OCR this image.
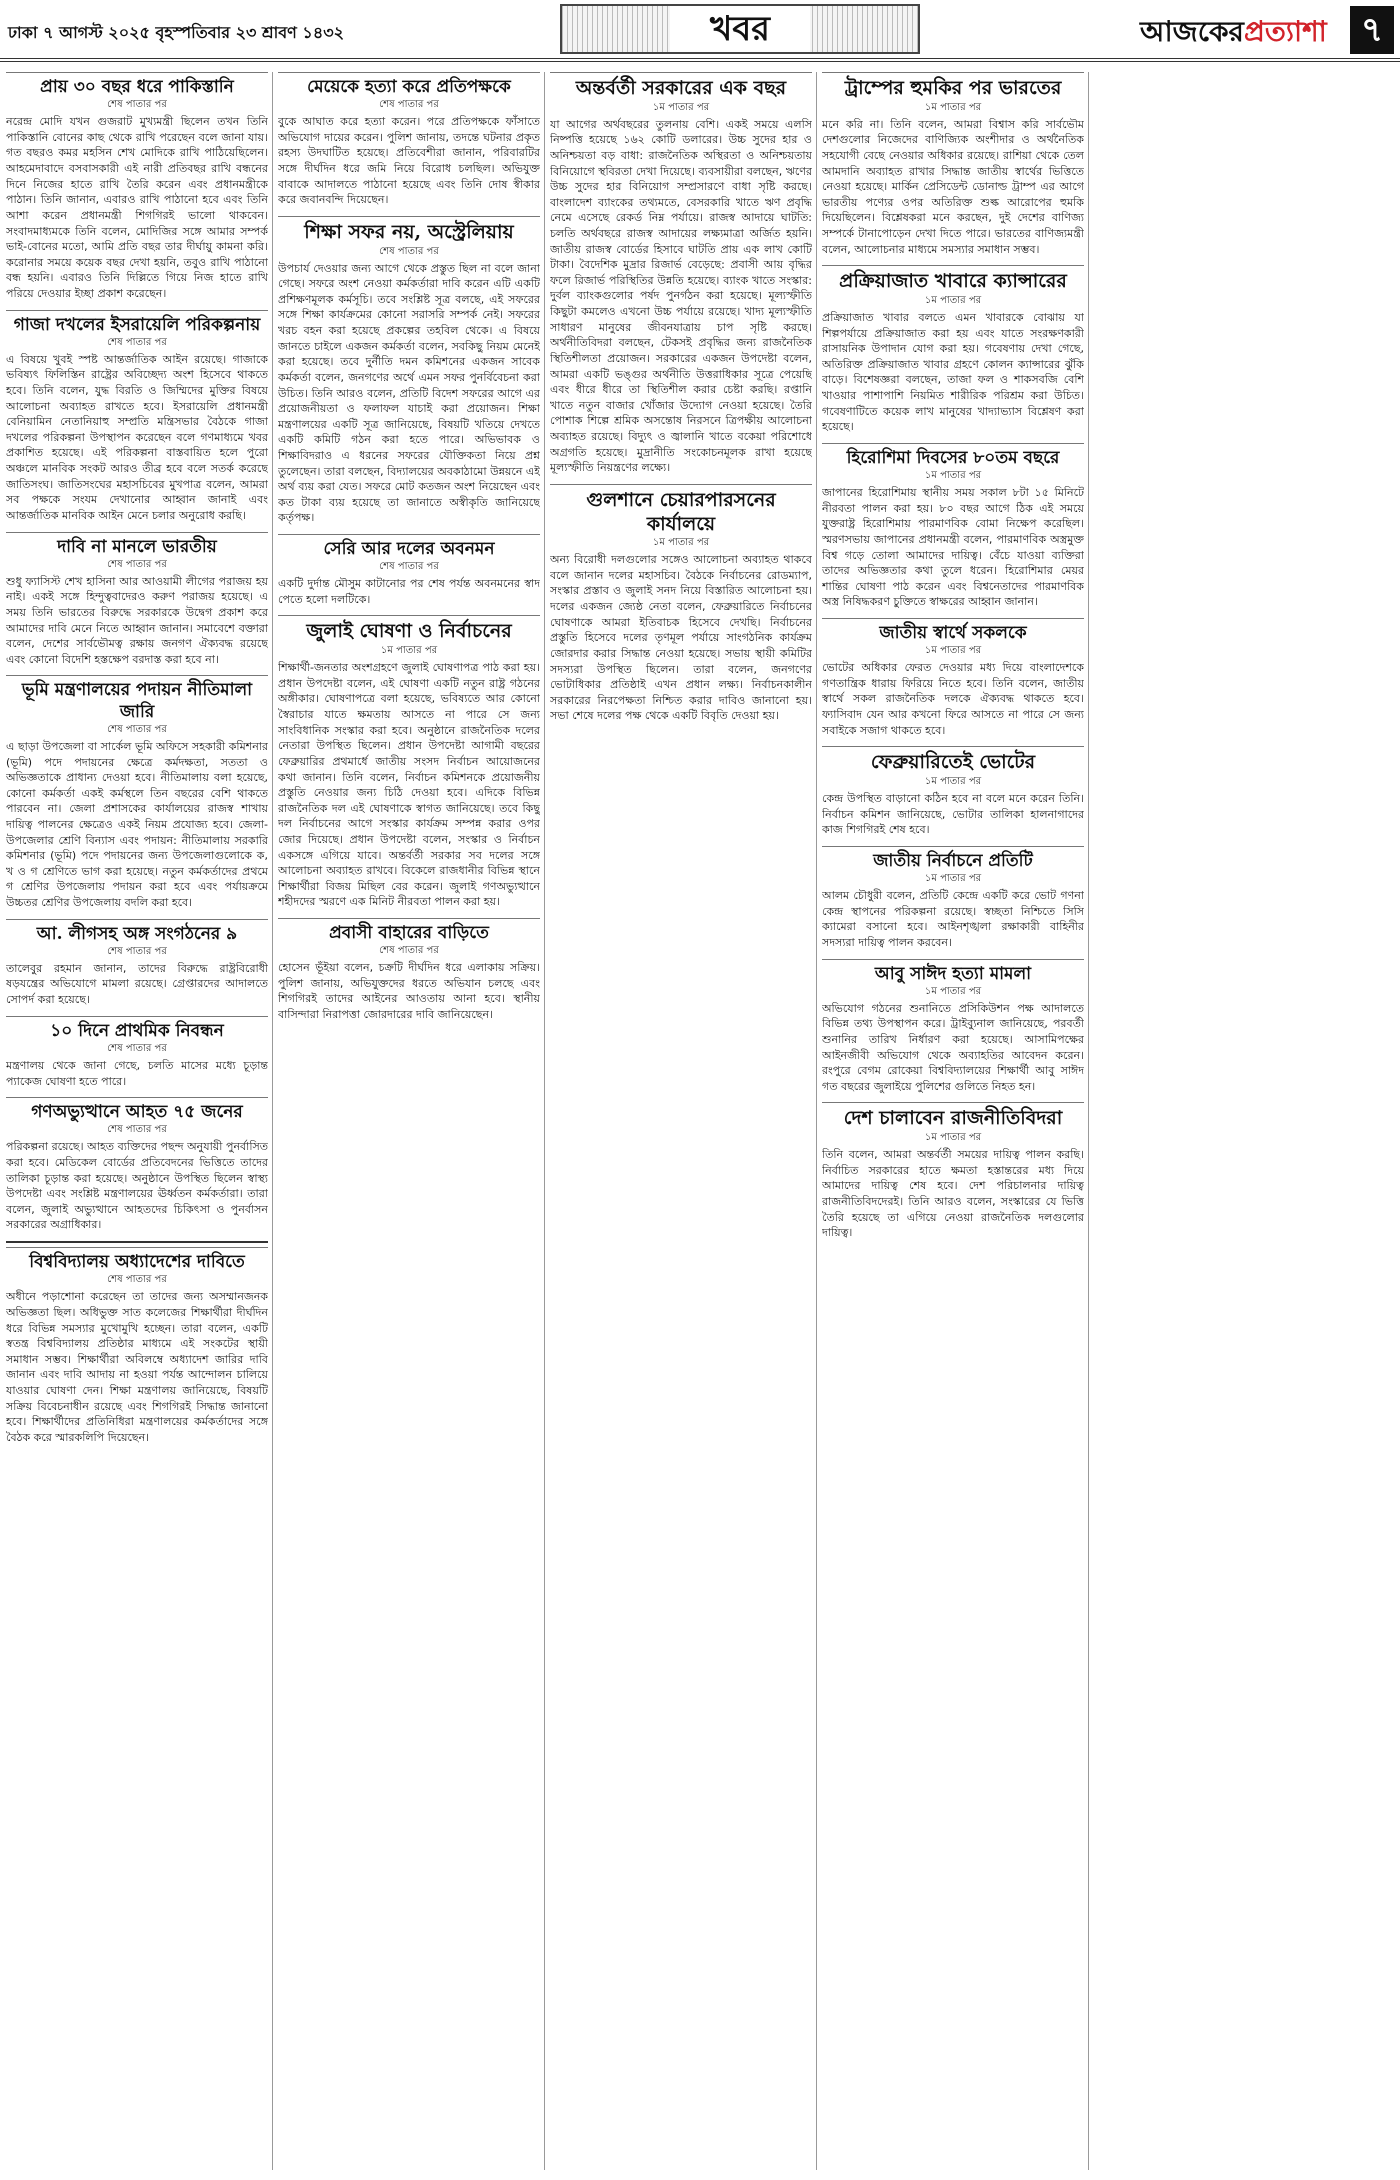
ঢাকা ৭ আগস্ট ২০২৫ বৃহস্পতিবার ২৩ শ্রাবণ ১৪৩২	খবর	আজকেরপ্রত্যাশা	৭
প্রায় ৩০ বছর ধরে পাকিস্তানি
শেষ পাতার পর

নরেন্দ্র মোদি যখন গুজরাট মুখ্যমন্ত্রী ছিলেন তখন তিনি পাকিস্তানি বোনের কাছ থেকে রাখি পরেছেন বলে জানা যায়। গত বছরও কমর মহসিন শেখ মোদিকে রাখি পাঠিয়েছিলেন। আহমেদাবাদে বসবাসকারী এই নারী প্রতিবছর রাখি বন্ধনের দিনে নিজের হাতে রাখি তৈরি করেন এবং প্রধানমন্ত্রীকে পাঠান। তিনি জানান, এবারও রাখি পাঠানো হবে এবং তিনি আশা করেন প্রধানমন্ত্রী শিগগিরই ভালো থাকবেন। সংবাদমাধ্যমকে তিনি বলেন, মোদিজির সঙ্গে আমার সম্পর্ক ভাই-বোনের মতো, আমি প্রতি বছর তার দীর্ঘায়ু কামনা করি। করোনার সময়ে কয়েক বছর দেখা হয়নি, তবুও রাখি পাঠানো বন্ধ হয়নি। এবারও তিনি দিল্লিতে গিয়ে নিজ হাতে রাখি পরিয়ে দেওয়ার ইচ্ছা প্রকাশ করেছেন।

গাজা দখলের ইসরায়েলি পরিকল্পনায়
শেষ পাতার পর

এ বিষয়ে খুবই স্পষ্ট আন্তর্জাতিক আইন রয়েছে। গাজাকে ভবিষ্যৎ ফিলিস্তিন রাষ্ট্রের অবিচ্ছেদ্য অংশ হিসেবে থাকতে হবে। তিনি বলেন, যুদ্ধ বিরতি ও জিম্মিদের মুক্তির বিষয়ে আলোচনা অব্যাহত রাখতে হবে। ইসরায়েলি প্রধানমন্ত্রী বেনিয়ামিন নেতানিয়াহু সম্প্রতি মন্ত্রিসভার বৈঠকে গাজা দখলের পরিকল্পনা উপস্থাপন করেছেন বলে গণমাধ্যমে খবর প্রকাশিত হয়েছে। এই পরিকল্পনা বাস্তবায়িত হলে পুরো অঞ্চলে মানবিক সংকট আরও তীব্র হবে বলে সতর্ক করেছে জাতিসংঘ। জাতিসংঘের মহাসচিবের মুখপাত্র বলেন, আমরা সব পক্ষকে সংযম দেখানোর আহ্বান জানাই এবং আন্তর্জাতিক মানবিক আইন মেনে চলার অনুরোধ করছি।

দাবি না মানলে ভারতীয়
শেষ পাতার পর

শুধু ফ্যাসিস্ট শেখ হাসিনা আর আওয়ামী লীগের পরাজয় হয় নাই। একই সঙ্গে হিন্দুত্ববাদেরও করুণ পরাজয় হয়েছে। এ সময় তিনি ভারতের বিরুদ্ধে সরকারকে উদ্বেগ প্রকাশ করে আমাদের দাবি মেনে নিতে আহ্বান জানান। সমাবেশে বক্তারা বলেন, দেশের সার্বভৌমত্ব রক্ষায় জনগণ ঐক্যবদ্ধ রয়েছে এবং কোনো বিদেশি হস্তক্ষেপ বরদাস্ত করা হবে না।

ভূমি মন্ত্রণালয়ের পদায়ন নীতিমালা জারি
শেষ পাতার পর

এ ছাড়া উপজেলা বা সার্কেল ভূমি অফিসে সহকারী কমিশনার (ভূমি) পদে পদায়নের ক্ষেত্রে কর্মদক্ষতা, সততা ও অভিজ্ঞতাকে প্রাধান্য দেওয়া হবে। নীতিমালায় বলা হয়েছে, কোনো কর্মকর্তা একই কর্মস্থলে তিন বছরের বেশি থাকতে পারবেন না। জেলা প্রশাসকের কার্যালয়ের রাজস্ব শাখায় দায়িত্ব পালনের ক্ষেত্রেও একই নিয়ম প্রযোজ্য হবে। জেলা-উপজেলার শ্রেণি বিন্যাস এবং পদায়ন: নীতিমালায় সরকারি কমিশনার (ভূমি) পদে পদায়নের জন্য উপজেলাগুলোকে ক, খ ও গ শ্রেণিতে ভাগ করা হয়েছে। নতুন কর্মকর্তাদের প্রথমে গ শ্রেণির উপজেলায় পদায়ন করা হবে এবং পর্যায়ক্রমে উচ্চতর শ্রেণির উপজেলায় বদলি করা হবে।

আ. লীগসহ অঙ্গ সংগঠনের ৯
শেষ পাতার পর

তালেবুর রহমান জানান, তাদের বিরুদ্ধে রাষ্ট্রবিরোধী ষড়যন্ত্রের অভিযোগে মামলা রয়েছে। গ্রেপ্তারদের আদালতে সোপর্দ করা হয়েছে।

১০ দিনে প্রাথমিক নিবন্ধন
শেষ পাতার পর

মন্ত্রণালয় থেকে জানা গেছে, চলতি মাসের মধ্যে চূড়ান্ত প্যাকেজ ঘোষণা হতে পারে।

গণঅভ্যুত্থানে আহত ৭৫ জনের
শেষ পাতার পর

পরিকল্পনা রয়েছে। আহত ব্যক্তিদের পছন্দ অনুযায়ী পুনর্বাসিত করা হবে। মেডিকেল বোর্ডের প্রতিবেদনের ভিত্তিতে তাদের তালিকা চূড়ান্ত করা হয়েছে। অনুষ্ঠানে উপস্থিত ছিলেন স্বাস্থ্য উপদেষ্টা এবং সংশ্লিষ্ট মন্ত্রণালয়ের ঊর্ধ্বতন কর্মকর্তারা। তারা বলেন, জুলাই অভ্যুত্থানে আহতদের চিকিৎসা ও পুনর্বাসন সরকারের অগ্রাধিকার।

বিশ্ববিদ্যালয় অধ্যাদেশের দাবিতে
শেষ পাতার পর

অধীনে পড়াশোনা করেছেন তা তাদের জন্য অসম্মানজনক অভিজ্ঞতা ছিল। অধিভুক্ত সাত কলেজের শিক্ষার্থীরা দীর্ঘদিন ধরে বিভিন্ন সমস্যার মুখোমুখি হচ্ছেন। তারা বলেন, একটি স্বতন্ত্র বিশ্ববিদ্যালয় প্রতিষ্ঠার মাধ্যমে এই সংকটের স্থায়ী সমাধান সম্ভব। শিক্ষার্থীরা অবিলম্বে অধ্যাদেশ জারির দাবি জানান এবং দাবি আদায় না হওয়া পর্যন্ত আন্দোলন চালিয়ে যাওয়ার ঘোষণা দেন। শিক্ষা মন্ত্রণালয় জানিয়েছে, বিষয়টি সক্রিয় বিবেচনাধীন রয়েছে এবং শিগগিরই সিদ্ধান্ত জানানো হবে। শিক্ষার্থীদের প্রতিনিধিরা মন্ত্রণালয়ের কর্মকর্তাদের সঙ্গে বৈঠক করে স্মারকলিপি দিয়েছেন।

মেয়েকে হত্যা করে প্রতিপক্ষকে
শেষ পাতার পর

বুকে আঘাত করে হত্যা করেন। পরে প্রতিপক্ষকে ফাঁসাতে অভিযোগ দায়ের করেন। পুলিশ জানায়, তদন্তে ঘটনার প্রকৃত রহস্য উদঘাটিত হয়েছে। প্রতিবেশীরা জানান, পরিবারটির সঙ্গে দীর্ঘদিন ধরে জমি নিয়ে বিরোধ চলছিল। অভিযুক্ত বাবাকে আদালতে পাঠানো হয়েছে এবং তিনি দোষ স্বীকার করে জবানবন্দি দিয়েছেন।

শিক্ষা সফর নয়, অস্ট্রেলিয়ায়
শেষ পাতার পর

উপচার্য দেওয়ার জন্য আগে থেকে প্রস্তুত ছিল না বলে জানা গেছে। সফরে অংশ নেওয়া কর্মকর্তারা দাবি করেন এটি একটি প্রশিক্ষণমূলক কর্মসূচি। তবে সংশ্লিষ্ট সূত্র বলছে, এই সফরের সঙ্গে শিক্ষা কার্যক্রমের কোনো সরাসরি সম্পর্ক নেই। সফরের খরচ বহন করা হয়েছে প্রকল্পের তহবিল থেকে। এ বিষয়ে জানতে চাইলে একজন কর্মকর্তা বলেন, সবকিছু নিয়ম মেনেই করা হয়েছে। তবে দুর্নীতি দমন কমিশনের একজন সাবেক কর্মকর্তা বলেন, জনগণের অর্থে এমন সফর পুনর্বিবেচনা করা উচিত। তিনি আরও বলেন, প্রতিটি বিদেশ সফরের আগে এর প্রয়োজনীয়তা ও ফলাফল যাচাই করা প্রয়োজন। শিক্ষা মন্ত্রণালয়ের একটি সূত্র জানিয়েছে, বিষয়টি খতিয়ে দেখতে একটি কমিটি গঠন করা হতে পারে। অভিভাবক ও শিক্ষাবিদরাও এ ধরনের সফরের যৌক্তিকতা নিয়ে প্রশ্ন তুলেছেন। তারা বলছেন, বিদ্যালয়ের অবকাঠামো উন্নয়নে এই অর্থ ব্যয় করা যেত। সফরে মোট কতজন অংশ নিয়েছেন এবং কত টাকা ব্যয় হয়েছে তা জানাতে অস্বীকৃতি জানিয়েছে কর্তৃপক্ষ।

সেরি আর দলের অবনমন
শেষ পাতার পর

একটি দুর্দান্ত মৌসুম কাটানোর পর শেষ পর্যন্ত অবনমনের স্বাদ পেতে হলো দলটিকে।

জুলাই ঘোষণা ও নির্বাচনের
১ম পাতার পর

শিক্ষার্থী-জনতার অংশগ্রহণে জুলাই ঘোষণাপত্র পাঠ করা হয়। প্রধান উপদেষ্টা বলেন, এই ঘোষণা একটি নতুন রাষ্ট্র গঠনের অঙ্গীকার। ঘোষণাপত্রে বলা হয়েছে, ভবিষ্যতে আর কোনো স্বৈরাচার যাতে ক্ষমতায় আসতে না পারে সে জন্য সাংবিধানিক সংস্কার করা হবে। অনুষ্ঠানে রাজনৈতিক দলের নেতারা উপস্থিত ছিলেন। প্রধান উপদেষ্টা আগামী বছরের ফেব্রুয়ারির প্রথমার্ধে জাতীয় সংসদ নির্বাচন আয়োজনের কথা জানান। তিনি বলেন, নির্বাচন কমিশনকে প্রয়োজনীয় প্রস্তুতি নেওয়ার জন্য চিঠি দেওয়া হবে। এদিকে বিভিন্ন রাজনৈতিক দল এই ঘোষণাকে স্বাগত জানিয়েছে। তবে কিছু দল নির্বাচনের আগে সংস্কার কার্যক্রম সম্পন্ন করার ওপর জোর দিয়েছে। প্রধান উপদেষ্টা বলেন, সংস্কার ও নির্বাচন একসঙ্গে এগিয়ে যাবে। অন্তর্বর্তী সরকার সব দলের সঙ্গে আলোচনা অব্যাহত রাখবে। বিকেলে রাজধানীর বিভিন্ন স্থানে শিক্ষার্থীরা বিজয় মিছিল বের করেন। জুলাই গণঅভ্যুত্থানে শহীদদের স্মরণে এক মিনিট নীরবতা পালন করা হয়।

প্রবাসী বাহারের বাড়িতে
শেষ পাতার পর

হোসেন ভূঁইয়া বলেন, চক্রটি দীর্ঘদিন ধরে এলাকায় সক্রিয়। পুলিশ জানায়, অভিযুক্তদের ধরতে অভিযান চলছে এবং শিগগিরই তাদের আইনের আওতায় আনা হবে। স্থানীয় বাসিন্দারা নিরাপত্তা জোরদারের দাবি জানিয়েছেন।

অন্তর্বর্তী সরকারের এক বছর
১ম পাতার পর

যা আগের অর্থবছরের তুলনায় বেশি। একই সময়ে এলসি নিষ্পত্তি হয়েছে ১৬২ কোটি ডলারের। উচ্চ সুদের হার ও অনিশ্চয়তা বড় বাধা: রাজনৈতিক অস্থিরতা ও অনিশ্চয়তায় বিনিয়োগে স্থবিরতা দেখা দিয়েছে। ব্যবসায়ীরা বলছেন, ঋণের উচ্চ সুদের হার বিনিয়োগ সম্প্রসারণে বাধা সৃষ্টি করছে। বাংলাদেশ ব্যাংকের তথ্যমতে, বেসরকারি খাতে ঋণ প্রবৃদ্ধি নেমে এসেছে রেকর্ড নিম্ন পর্যায়ে। রাজস্ব আদায়ে ঘাটতি: চলতি অর্থবছরে রাজস্ব আদায়ের লক্ষ্যমাত্রা অর্জিত হয়নি। জাতীয় রাজস্ব বোর্ডের হিসাবে ঘাটতি প্রায় এক লাখ কোটি টাকা। বৈদেশিক মুদ্রার রিজার্ভ বেড়েছে: প্রবাসী আয় বৃদ্ধির ফলে রিজার্ভ পরিস্থিতির উন্নতি হয়েছে। ব্যাংক খাতে সংস্কার: দুর্বল ব্যাংকগুলোর পর্ষদ পুনর্গঠন করা হয়েছে। মূল্যস্ফীতি কিছুটা কমলেও এখনো উচ্চ পর্যায়ে রয়েছে। খাদ্য মূল্যস্ফীতি সাধারণ মানুষের জীবনযাত্রায় চাপ সৃষ্টি করছে। অর্থনীতিবিদরা বলছেন, টেকসই প্রবৃদ্ধির জন্য রাজনৈতিক স্থিতিশীলতা প্রয়োজন। সরকারের একজন উপদেষ্টা বলেন, আমরা একটি ভঙ্গুর অর্থনীতি উত্তরাধিকার সূত্রে পেয়েছি এবং ধীরে ধীরে তা স্থিতিশীল করার চেষ্টা করছি। রপ্তানি খাতে নতুন বাজার খোঁজার উদ্যোগ নেওয়া হয়েছে। তৈরি পোশাক শিল্পে শ্রমিক অসন্তোষ নিরসনে ত্রিপক্ষীয় আলোচনা অব্যাহত রয়েছে। বিদ্যুৎ ও জ্বালানি খাতে বকেয়া পরিশোধে অগ্রগতি হয়েছে। মুদ্রানীতি সংকোচনমূলক রাখা হয়েছে মূল্যস্ফীতি নিয়ন্ত্রণের লক্ষ্যে।

গুলশানে চেয়ারপারসনের কার্যালয়ে
১ম পাতার পর

অন্য বিরোধী দলগুলোর সঙ্গেও আলোচনা অব্যাহত থাকবে বলে জানান দলের মহাসচিব। বৈঠকে নির্বাচনের রোডম্যাপ, সংস্কার প্রস্তাব ও জুলাই সনদ নিয়ে বিস্তারিত আলোচনা হয়। দলের একজন জ্যেষ্ঠ নেতা বলেন, ফেব্রুয়ারিতে নির্বাচনের ঘোষণাকে আমরা ইতিবাচক হিসেবে দেখছি। নির্বাচনের প্রস্তুতি হিসেবে দলের তৃণমূল পর্যায়ে সাংগঠনিক কার্যক্রম জোরদার করার সিদ্ধান্ত নেওয়া হয়েছে। সভায় স্থায়ী কমিটির সদস্যরা উপস্থিত ছিলেন। তারা বলেন, জনগণের ভোটাধিকার প্রতিষ্ঠাই এখন প্রধান লক্ষ্য। নির্বাচনকালীন সরকারের নিরপেক্ষতা নিশ্চিত করার দাবিও জানানো হয়। সভা শেষে দলের পক্ষ থেকে একটি বিবৃতি দেওয়া হয়।

ট্রাম্পের হুমকির পর ভারতের
১ম পাতার পর

মনে করি না। তিনি বলেন, আমরা বিশ্বাস করি সার্বভৌম দেশগুলোর নিজেদের বাণিজ্যিক অংশীদার ও অর্থনৈতিক সহযোগী বেছে নেওয়ার অধিকার রয়েছে। রাশিয়া থেকে তেল আমদানি অব্যাহত রাখার সিদ্ধান্ত জাতীয় স্বার্থের ভিত্তিতে নেওয়া হয়েছে। মার্কিন প্রেসিডেন্ট ডোনাল্ড ট্রাম্প এর আগে ভারতীয় পণ্যের ওপর অতিরিক্ত শুল্ক আরোপের হুমকি দিয়েছিলেন। বিশ্লেষকরা মনে করছেন, দুই দেশের বাণিজ্য সম্পর্কে টানাপোড়েন দেখা দিতে পারে। ভারতের বাণিজ্যমন্ত্রী বলেন, আলোচনার মাধ্যমে সমস্যার সমাধান সম্ভব।

প্রক্রিয়াজাত খাবারে ক্যান্সারের
১ম পাতার পর

প্রক্রিয়াজাত খাবার বলতে এমন খাবারকে বোঝায় যা শিল্পপর্যায়ে প্রক্রিয়াজাত করা হয় এবং যাতে সংরক্ষণকারী রাসায়নিক উপাদান যোগ করা হয়। গবেষণায় দেখা গেছে, অতিরিক্ত প্রক্রিয়াজাত খাবার গ্রহণে কোলন ক্যান্সারের ঝুঁকি বাড়ে। বিশেষজ্ঞরা বলছেন, তাজা ফল ও শাকসবজি বেশি খাওয়ার পাশাপাশি নিয়মিত শারীরিক পরিশ্রম করা উচিত। গবেষণাটিতে কয়েক লাখ মানুষের খাদ্যাভ্যাস বিশ্লেষণ করা হয়েছে।

হিরোশিমা দিবসের ৮০তম বছরে
১ম পাতার পর

জাপানের হিরোশিমায় স্থানীয় সময় সকাল ৮টা ১৫ মিনিটে নীরবতা পালন করা হয়। ৮০ বছর আগে ঠিক এই সময়ে যুক্তরাষ্ট্র হিরোশিমায় পারমাণবিক বোমা নিক্ষেপ করেছিল। স্মরণসভায় জাপানের প্রধানমন্ত্রী বলেন, পারমাণবিক অস্ত্রমুক্ত বিশ্ব গড়ে তোলা আমাদের দায়িত্ব। বেঁচে যাওয়া ব্যক্তিরা তাদের অভিজ্ঞতার কথা তুলে ধরেন। হিরোশিমার মেয়র শান্তির ঘোষণা পাঠ করেন এবং বিশ্বনেতাদের পারমাণবিক অস্ত্র নিষিদ্ধকরণ চুক্তিতে স্বাক্ষরের আহ্বান জানান।

জাতীয় স্বার্থে সকলকে
১ম পাতার পর

ভোটের অধিকার ফেরত দেওয়ার মধ্য দিয়ে বাংলাদেশকে গণতান্ত্রিক ধারায় ফিরিয়ে নিতে হবে। তিনি বলেন, জাতীয় স্বার্থে সকল রাজনৈতিক দলকে ঐক্যবদ্ধ থাকতে হবে। ফ্যাসিবাদ যেন আর কখনো ফিরে আসতে না পারে সে জন্য সবাইকে সজাগ থাকতে হবে।

ফেব্রুয়ারিতেই ভোটের
১ম পাতার পর

কেন্দ্র উপস্থিত বাড়ানো কঠিন হবে না বলে মনে করেন তিনি। নির্বাচন কমিশন জানিয়েছে, ভোটার তালিকা হালনাগাদের কাজ শিগগিরই শেষ হবে।

জাতীয় নির্বাচনে প্রতিটি
১ম পাতার পর

আলম চৌধুরী বলেন, প্রতিটি কেন্দ্রে একটি করে ভোট গণনা কেন্দ্র স্থাপনের পরিকল্পনা রয়েছে। স্বচ্ছতা নিশ্চিতে সিসি ক্যামেরা বসানো হবে। আইনশৃঙ্খলা রক্ষাকারী বাহিনীর সদস্যরা দায়িত্ব পালন করবেন।

আবু সাঈদ হত্যা মামলা
১ম পাতার পর

অভিযোগ গঠনের শুনানিতে প্রসিকিউশন পক্ষ আদালতে বিভিন্ন তথ্য উপস্থাপন করে। ট্রাইব্যুনাল জানিয়েছে, পরবর্তী শুনানির তারিখ নির্ধারণ করা হয়েছে। আসামিপক্ষের আইনজীবী অভিযোগ থেকে অব্যাহতির আবেদন করেন। রংপুরে বেগম রোকেয়া বিশ্ববিদ্যালয়ের শিক্ষার্থী আবু সাঈদ গত বছরের জুলাইয়ে পুলিশের গুলিতে নিহত হন।

দেশ চালাবেন রাজনীতিবিদরা
১ম পাতার পর

তিনি বলেন, আমরা অন্তর্বর্তী সময়ের দায়িত্ব পালন করছি। নির্বাচিত সরকারের হাতে ক্ষমতা হস্তান্তরের মধ্য দিয়ে আমাদের দায়িত্ব শেষ হবে। দেশ পরিচালনার দায়িত্ব রাজনীতিবিদদেরই। তিনি আরও বলেন, সংস্কারের যে ভিত্তি তৈরি হয়েছে তা এগিয়ে নেওয়া রাজনৈতিক দলগুলোর দায়িত্ব।
